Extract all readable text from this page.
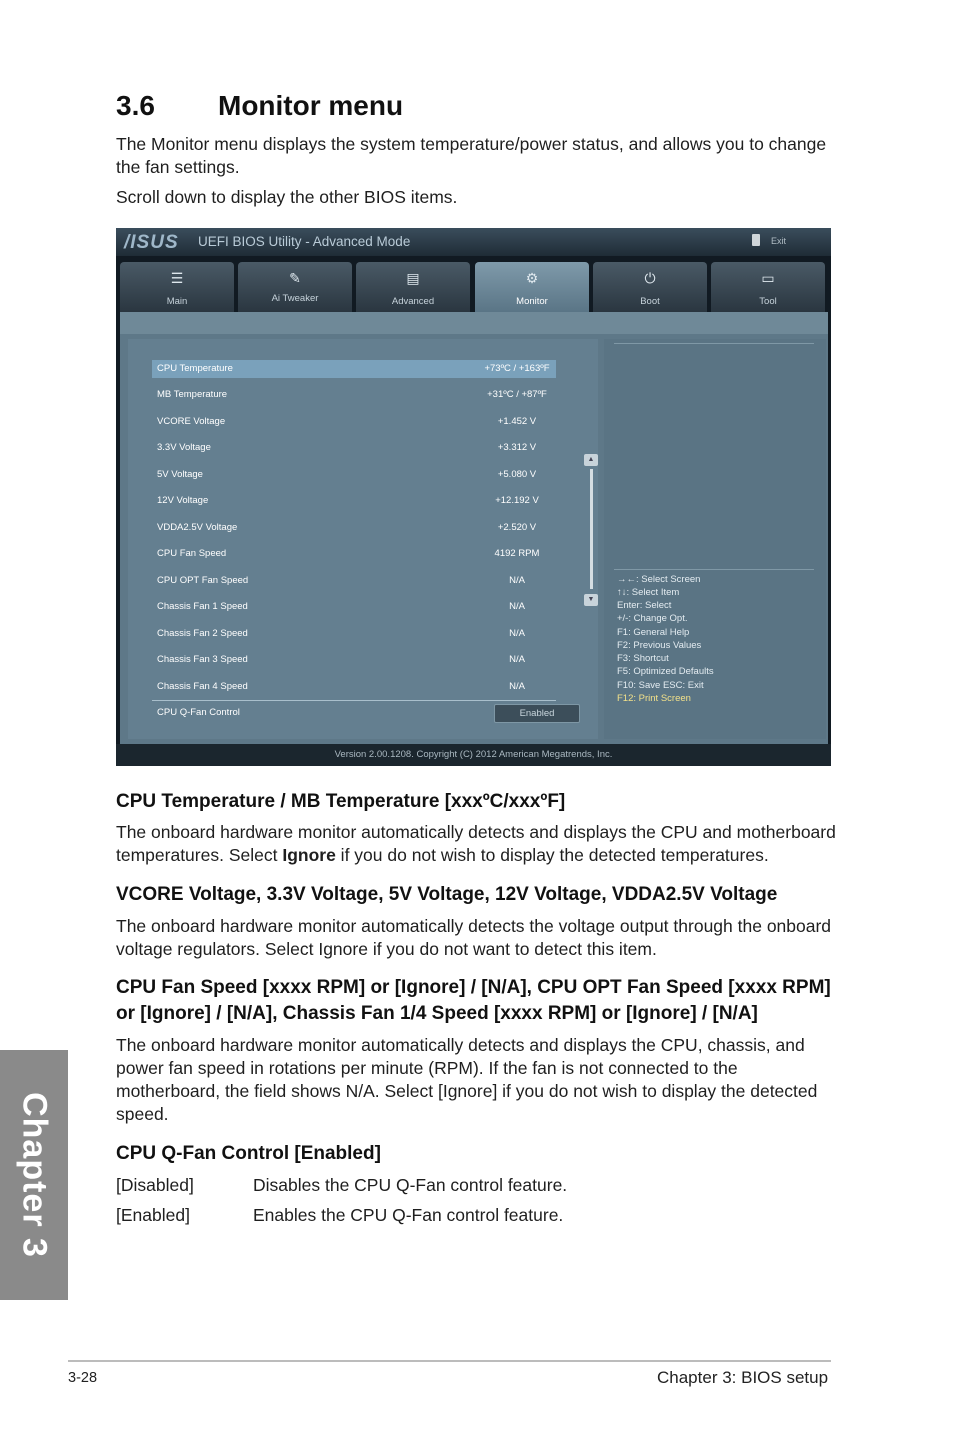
Chapter 3
3.6 Monitor menu

The Monitor menu displays the system temperature/power status, and allows you to change the fan settings.

Scroll down to display the other BIOS items.

/ISUS UEFI BIOS Utility - Advanced Mode	Exit
☰
Main
✎
Ai Tweaker
▤
Advanced
⚙
Monitor
⏻
Boot
▭
Tool
CPU Temperature	+73ºC / +163ºF
MB Temperature	+31ºC / +87ºF
VCORE Voltage	+1.452 V
3.3V Voltage	+3.312 V
5V Voltage	+5.080 V
12V Voltage	+12.192 V
VDDA2.5V Voltage	+2.520 V
CPU Fan Speed	4192 RPM
CPU OPT Fan Speed	N/A
Chassis Fan 1 Speed	N/A
Chassis Fan 2 Speed	N/A
Chassis Fan 3 Speed	N/A
Chassis Fan 4 Speed	N/A
CPU Q-Fan Control	Enabled
▲
▼
→←: Select Screen
↑↓: Select Item
Enter: Select
+/-: Change Opt.
F1: General Help
F2: Previous Values
F3: Shortcut
F5: Optimized Defaults
F10: Save ESC: Exit
F12: Print Screen
Version 2.00.1208. Copyright (C) 2012 American Megatrends, Inc.
CPU Temperature / MB Temperature [xxxºC/xxxºF]

The onboard hardware monitor automatically detects and displays the CPU and motherboard temperatures. Select Ignore if you do not wish to display the detected temperatures.

VCORE Voltage, 3.3V Voltage, 5V Voltage, 12V Voltage, VDDA2.5V Voltage

The onboard hardware monitor automatically detects the voltage output through the onboard voltage regulators. Select Ignore if you do not want to detect this item.

CPU Fan Speed [xxxx RPM] or [Ignore] / [N/A], CPU OPT Fan Speed [xxxx RPM] or [Ignore] / [N/A], Chassis Fan 1/4 Speed [xxxx RPM] or [Ignore] / [N/A]

The onboard hardware monitor automatically detects and displays the CPU, chassis, and power fan speed in rotations per minute (RPM). If the fan is not connected to the motherboard, the field shows N/A. Select [Ignore] if you do not wish to display the detected speed.

CPU Q-Fan Control [Enabled]

[Disabled]	Disables the CPU Q-Fan control feature.

[Enabled]	Enables the CPU Q-Fan control feature.

3-28	Chapter 3: BIOS setup
